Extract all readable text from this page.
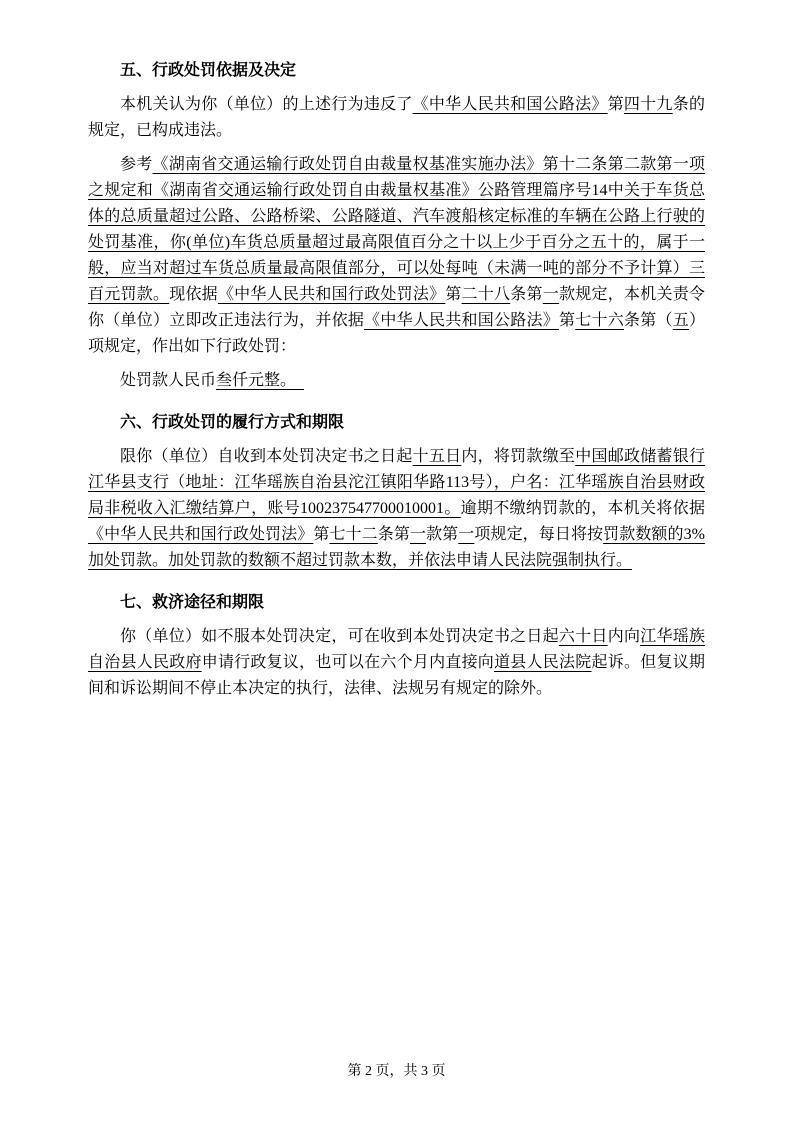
五、行政处罚依据及决定

本机关认为你（单位）的上述行为违反了《中华人民共和国公路法》第四十九条的规定，已构成违法。

参考《湖南省交通运输行政处罚自由裁量权基准实施办法》第十二条第二款第一项之规定和《湖南省交通运输行政处罚自由裁量权基准》公路管理篇序号14中关于车货总体的总质量超过公路、公路桥梁、公路隧道、汽车渡船核定标准的车辆在公路上行驶的处罚基准，你(单位)车货总质量超过最高限值百分之十以上少于百分之五十的，属于一般，应当对超过车货总质量最高限值部分，可以处每吨（未满一吨的部分不予计算）三百元罚款。现依据《中华人民共和国行政处罚法》第二十八条第一款规定，本机关责令你（单位）立即改正违法行为，并依据《中华人民共和国公路法》第七十六条第（五）项规定，作出如下行政处罚：

处罚款人民币叁仟元整。　

六、行政处罚的履行方式和期限

限你（单位）自收到本处罚决定书之日起十五日内，将罚款缴至中国邮政储蓄银行江华县支行（地址：江华瑶族自治县沱江镇阳华路113号），户名：江华瑶族自治县财政局非税收入汇缴结算户，账号100237547700010001。逾期不缴纳罚款的，本机关将依据《中华人民共和国行政处罚法》第七十二条第一款第一项规定，每日将按罚款数额的3%加处罚款。加处罚款的数额不超过罚款本数，并依法申请人民法院强制执行。

七、救济途径和期限

你（单位）如不服本处罚决定，可在收到本处罚决定书之日起六十日内向江华瑶族自治县人民政府申请行政复议，也可以在六个月内直接向道县人民法院起诉。但复议期间和诉讼期间不停止本决定的执行，法律、法规另有规定的除外。

第 2 页，共 3 页
